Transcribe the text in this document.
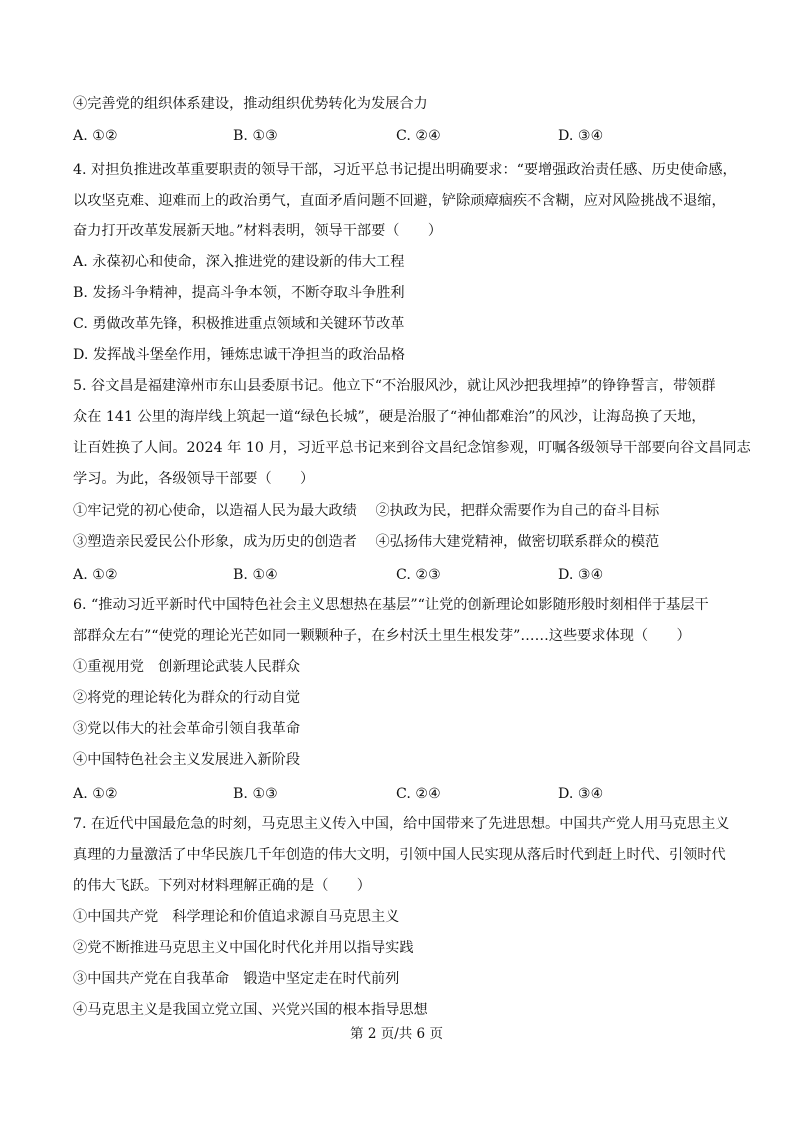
④完善党的组织体系建设，推动组织优势转化为发展合力
A. ①②	B. ①③	C. ②④	D. ③④
4. 对担负推进改革重要职责的领导干部，习近平总书记提出明确要求：“要增强政治责任感、历史使命感，
以攻坚克难、迎难而上的政治勇气，直面矛盾问题不回避，铲除顽瘴痼疾不含糊，应对风险挑战不退缩，
奋力打开改革发展新天地。”材料表明，领导干部要（　　）
A. 永葆初心和使命，深入推进党的建设新的伟大工程
B. 发扬斗争精神，提高斗争本领，不断夺取斗争胜利
C. 勇做改革先锋，积极推进重点领域和关键环节改革
D. 发挥战斗堡垒作用，锤炼忠诚干净担当的政治品格
5. 谷文昌是福建漳州市东山县委原书记。他立下“不治服风沙，就让风沙把我埋掉”的铮铮誓言，带领群
众在 141 公里的海岸线上筑起一道“绿色长城”，硬是治服了“神仙都难治”的风沙，让海岛换了天地，
让百姓换了人间。2024 年 10 月，习近平总书记来到谷文昌纪念馆参观，叮嘱各级领导干部要向谷文昌同志
学习。为此，各级领导干部要（　　）
①牢记党的初心使命，以造福人民为最大政绩　 ②执政为民，把群众需要作为自己的奋斗目标
③塑造亲民爱民公仆形象，成为历史的创造者　 ④弘扬伟大建党精神，做密切联系群众的模范
A. ①②	B. ①④	C. ②③	D. ③④
6. “推动习近平新时代中国特色社会主义思想热在基层”“让党的创新理论如影随形般时刻相伴于基层干
部群众左右”“使党的理论光芒如同一颗颗种子，在乡村沃土里生根发芽”……这些要求体现（　　）
①重视用党　创新理论武装人民群众
②将党的理论转化为群众的行动自觉
③党以伟大的社会革命引领自我革命
④中国特色社会主义发展进入新阶段
A. ①②	B. ①③	C. ②④	D. ③④
7. 在近代中国最危急的时刻，马克思主义传入中国，给中国带来了先进思想。中国共产党人用马克思主义
真理的力量激活了中华民族几千年创造的伟大文明，引领中国人民实现从落后时代到赶上时代、引领时代
的伟大飞跃。下列对材料理解正确的是（　　）
①中国共产党　科学理论和价值追求源自马克思主义
②党不断推进马克思主义中国化时代化并用以指导实践
③中国共产党在自我革命　锻造中坚定走在时代前列
④马克思主义是我国立党立国、兴党兴国的根本指导思想
第 2 页/共 6 页
